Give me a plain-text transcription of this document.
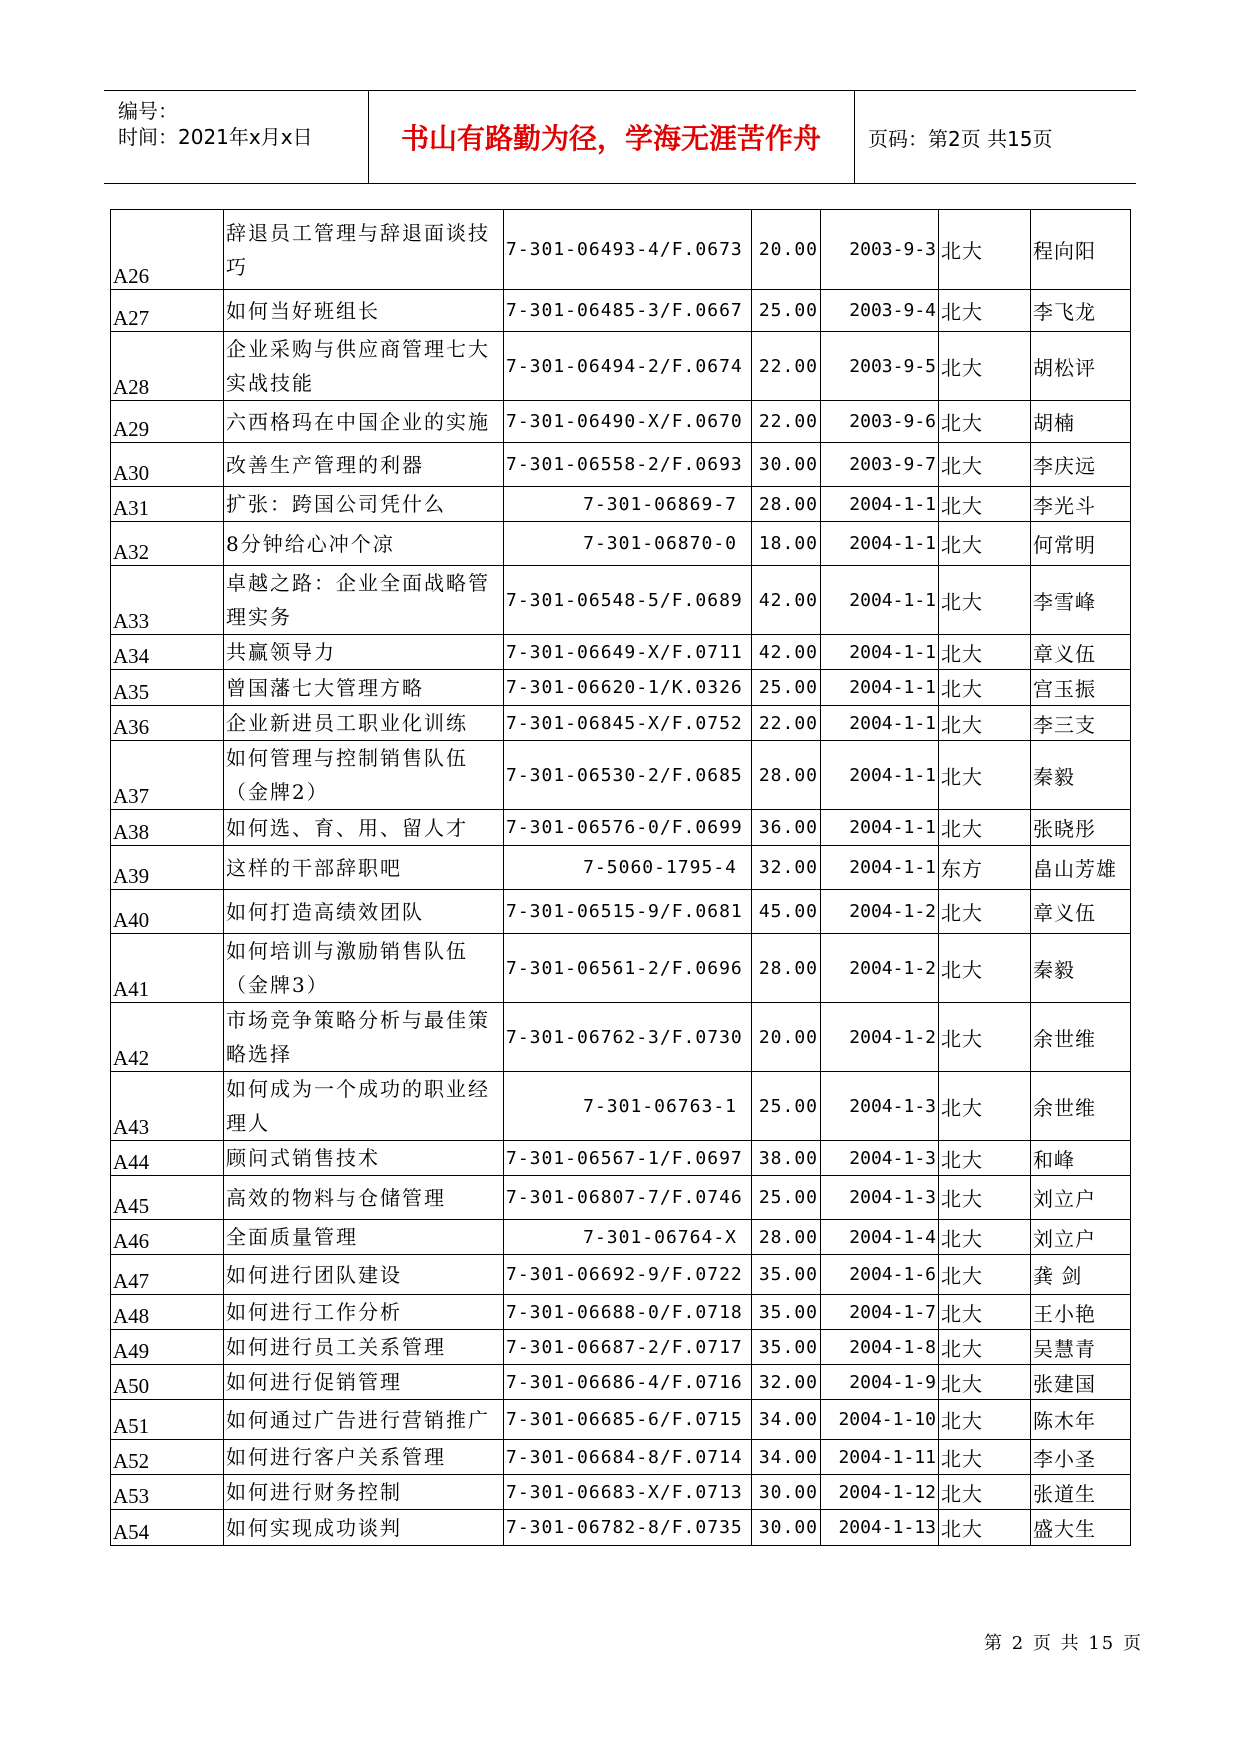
编号：
时间：2021年x月x日	书山有路勤为径，学海无涯苦作舟	页码：第2页 共15页
A26	辞退员工管理与辞退面谈技巧	7-301-06493-4/F.0673	20.00	2003-9-3	北大	程向阳
A27	如何当好班组长	7-301-06485-3/F.0667	25.00	2003-9-4	北大	李飞龙
A28	企业采购与供应商管理七大实战技能	7-301-06494-2/F.0674	22.00	2003-9-5	北大	胡松评
A29	六西格玛在中国企业的实施	7-301-06490-X/F.0670	22.00	2003-9-6	北大	胡楠
A30	改善生产管理的利器	7-301-06558-2/F.0693	30.00	2003-9-7	北大	李庆远
A31	扩张：跨国公司凭什么	7-301-06869-7	28.00	2004-1-1	北大	李光斗
A32	8分钟给心冲个凉	7-301-06870-0	18.00	2004-1-1	北大	何常明
A33	卓越之路：企业全面战略管理实务	7-301-06548-5/F.0689	42.00	2004-1-1	北大	李雪峰
A34	共赢领导力	7-301-06649-X/F.0711	42.00	2004-1-1	北大	章义伍
A35	曾国藩七大管理方略	7-301-06620-1/K.0326	25.00	2004-1-1	北大	宫玉振
A36	企业新进员工职业化训练	7-301-06845-X/F.0752	22.00	2004-1-1	北大	李三支
A37	如何管理与控制销售队伍（金牌2）	7-301-06530-2/F.0685	28.00	2004-1-1	北大	秦毅
A38	如何选、育、用、留人才	7-301-06576-0/F.0699	36.00	2004-1-1	北大	张晓彤
A39	这样的干部辞职吧	7-5060-1795-4	32.00	2004-1-1	东方	畠山芳雄
A40	如何打造高绩效团队	7-301-06515-9/F.0681	45.00	2004-1-2	北大	章义伍
A41	如何培训与激励销售队伍（金牌3）	7-301-06561-2/F.0696	28.00	2004-1-2	北大	秦毅
A42	市场竞争策略分析与最佳策略选择	7-301-06762-3/F.0730	20.00	2004-1-2	北大	余世维
A43	如何成为一个成功的职业经理人	7-301-06763-1	25.00	2004-1-3	北大	余世维
A44	顾问式销售技术	7-301-06567-1/F.0697	38.00	2004-1-3	北大	和峰
A45	高效的物料与仓储管理	7-301-06807-7/F.0746	25.00	2004-1-3	北大	刘立户
A46	全面质量管理	7-301-06764-X	28.00	2004-1-4	北大	刘立户
A47	如何进行团队建设	7-301-06692-9/F.0722	35.00	2004-1-6	北大	龚 剑
A48	如何进行工作分析	7-301-06688-0/F.0718	35.00	2004-1-7	北大	王小艳
A49	如何进行员工关系管理	7-301-06687-2/F.0717	35.00	2004-1-8	北大	吴慧青
A50	如何进行促销管理	7-301-06686-4/F.0716	32.00	2004-1-9	北大	张建国
A51	如何通过广告进行营销推广	7-301-06685-6/F.0715	34.00	2004-1-10	北大	陈木年
A52	如何进行客户关系管理	7-301-06684-8/F.0714	34.00	2004-1-11	北大	李小圣
A53	如何进行财务控制	7-301-06683-X/F.0713	30.00	2004-1-12	北大	张道生
A54	如何实现成功谈判	7-301-06782-8/F.0735	30.00	2004-1-13	北大	盛大生
第 2 页 共 15 页
